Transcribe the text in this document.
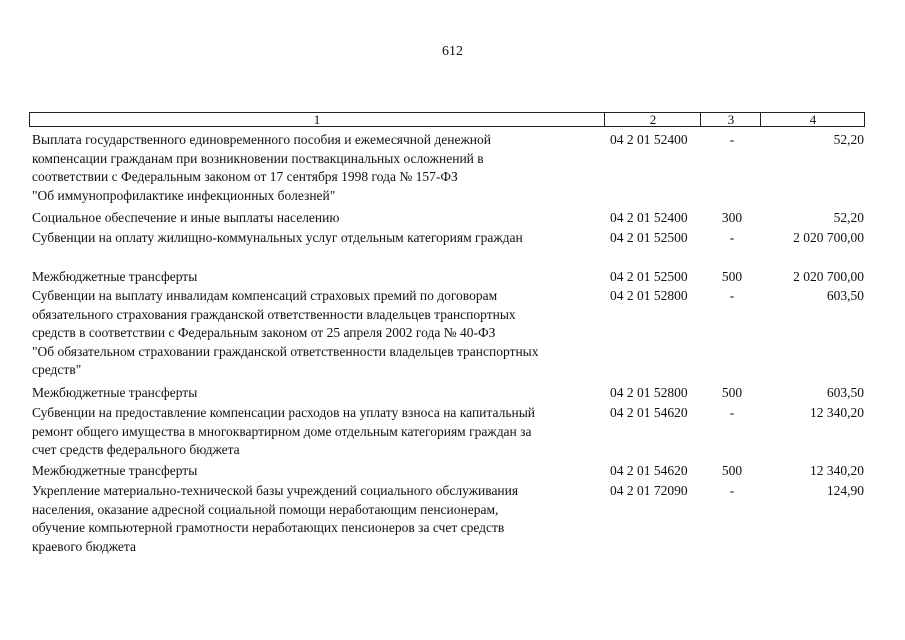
612
1	2	3	4
Выплата государственного единовременного пособия и ежемесячной денежной
компенсации гражданам при возникновении поствакцинальных осложнений в
соответствии с Федеральным законом от 17 сентября 1998 года № 157-ФЗ
"Об иммунопрофилактике инфекционных болезней"
04 2 01 52400	-	52,20
Социальное обеспечение и иные выплаты населению	04 2 01 52400	300	52,20
Субвенции на оплату жилищно-коммунальных услуг отдельным категориям граждан	04 2 01 52500	-	2 020 700,00
Межбюджетные трансферты	04 2 01 52500	500	2 020 700,00
Субвенции на выплату инвалидам компенсаций страховых премий по договорам
обязательного страхования гражданской ответственности владельцев транспортных
средств в соответствии с Федеральным законом от 25 апреля 2002 года № 40-ФЗ
"Об обязательном страховании гражданской ответственности владельцев транспортных
средств"
04 2 01 52800	-	603,50
Межбюджетные трансферты	04 2 01 52800	500	603,50
Субвенции на предоставление компенсации расходов на уплату взноса на капитальный
ремонт общего имущества в многоквартирном доме отдельным категориям граждан за
счет средств федерального бюджета
04 2 01 54620	-	12 340,20
Межбюджетные трансферты	04 2 01 54620	500	12 340,20
Укрепление материально-технической базы учреждений социального обслуживания
населения, оказание адресной социальной помощи неработающим пенсионерам,
обучение компьютерной грамотности неработающих пенсионеров за счет средств
краевого бюджета
04 2 01 72090	-	124,90
